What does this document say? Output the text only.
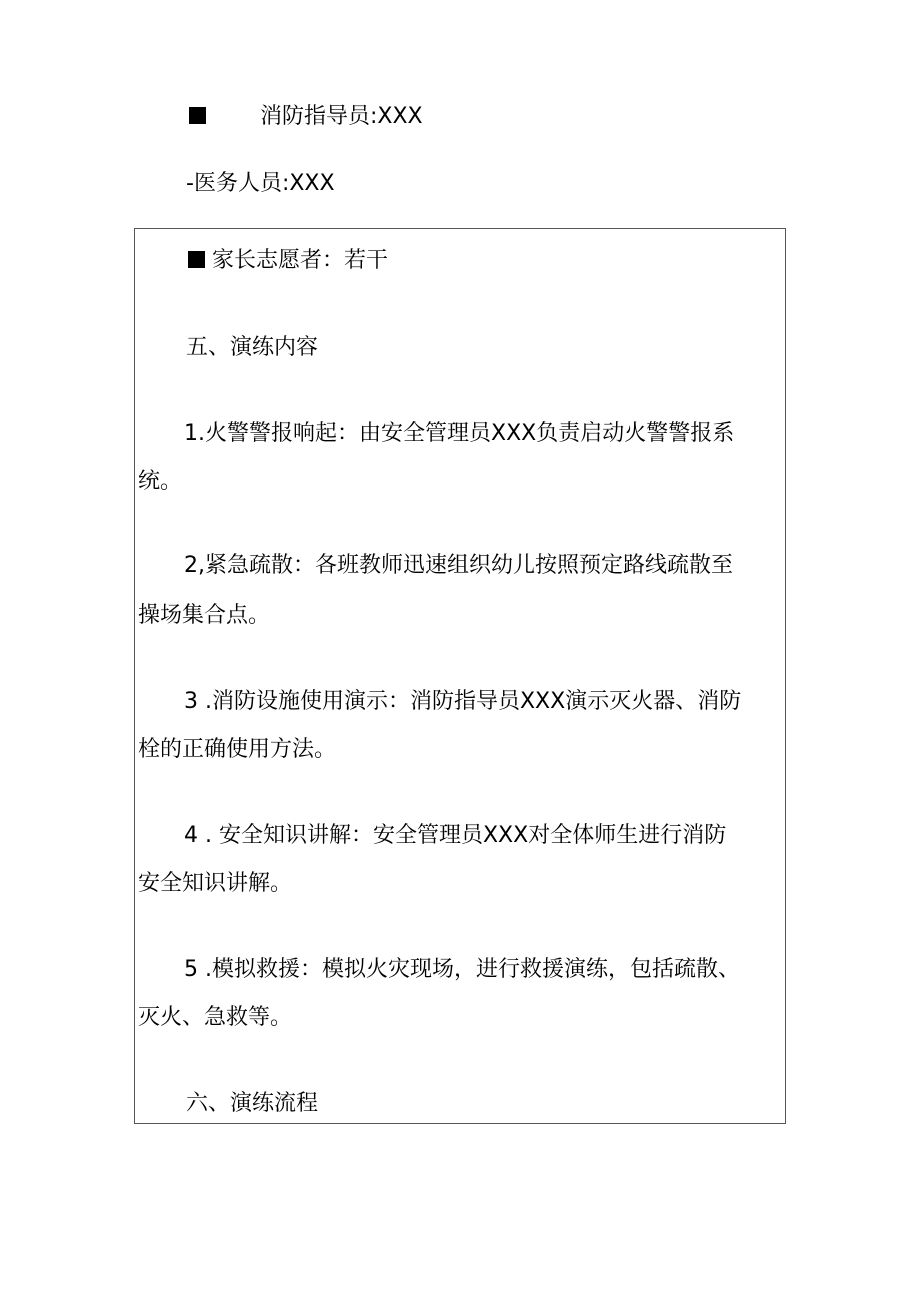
消防指导员:XXX
-医务人员:XXX
家长志愿者：若干
五、演练内容
1.火警警报响起：由安全管理员XXX负责启动火警警报系
统。
2,紧急疏散：各班教师迅速组织幼儿按照预定路线疏散至
操场集合点。
3 .消防设施使用演示：消防指导员XXX演示灭火器、消防
栓的正确使用方法。
4 . 安全知识讲解：安全管理员XXX对全体师生进行消防
安全知识讲解。
5 .模拟救援：模拟火灾现场，进行救援演练，包括疏散、
灭火、急救等。
六、演练流程
